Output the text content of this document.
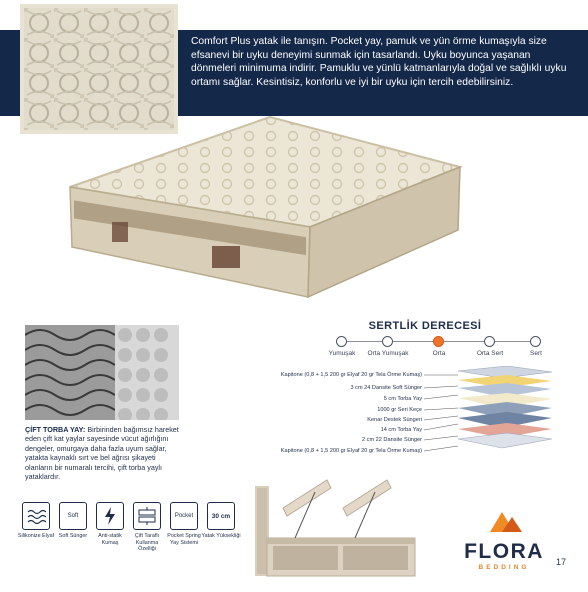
Comfort Plus yatak ile tanışın. Pocket yay, pamuk ve yün örme kumaşıyla size efsanevi bir uyku deneyimi sunmak için tasarlandı. Uyku boyunca yaşanan dönmeleri minimuma indirir. Pamuklu ve yünlü katmanlarıyla doğal ve sağlıklı uyku ortamı sağlar. Kesintisiz, konforlu ve iyi bir uyku için tercih edebilirsiniz.
SERTLİK DERECESİ
Yumuşak	Orta Yumuşak	Orta	Orta Sert	Sert
Kapitone (0,8 + 1,5 200 gr Elyaf 20 gr Tela Örme Kumaş)
3 cm 24 Dansite Soft Sünger
5 cm Torba Yay
1000 gr Seri Keçe
Kenar Destek Süngeri
14 cm Torba Yay
2 cm 22 Dansite Sünger
Kapitone (0,8 + 1,5 200 gr Elyaf 20 gr Tela Örme Kumaş)
ÇİFT TORBA YAY: Birbirinden bağımsız hareket eden çift kat yaylar sayesinde vücut ağırlığını dengeler, omurgaya daha fazla uyum sağlar, yatakta kaynaklı sırt ve bel ağrısı şikayeti olanların bir numaralı tercihi, çift torba yaylı yataklardır.
Silikonize Elyaf
Soft
Soft Sünger	Anti-statik Kumaş
Çift Taraflı Kullanma Özelliği
Pocket
Pocket Spring Yay Sistemi
30 cm
Yatak Yüksekliği
FLORA
BEDDING
17
